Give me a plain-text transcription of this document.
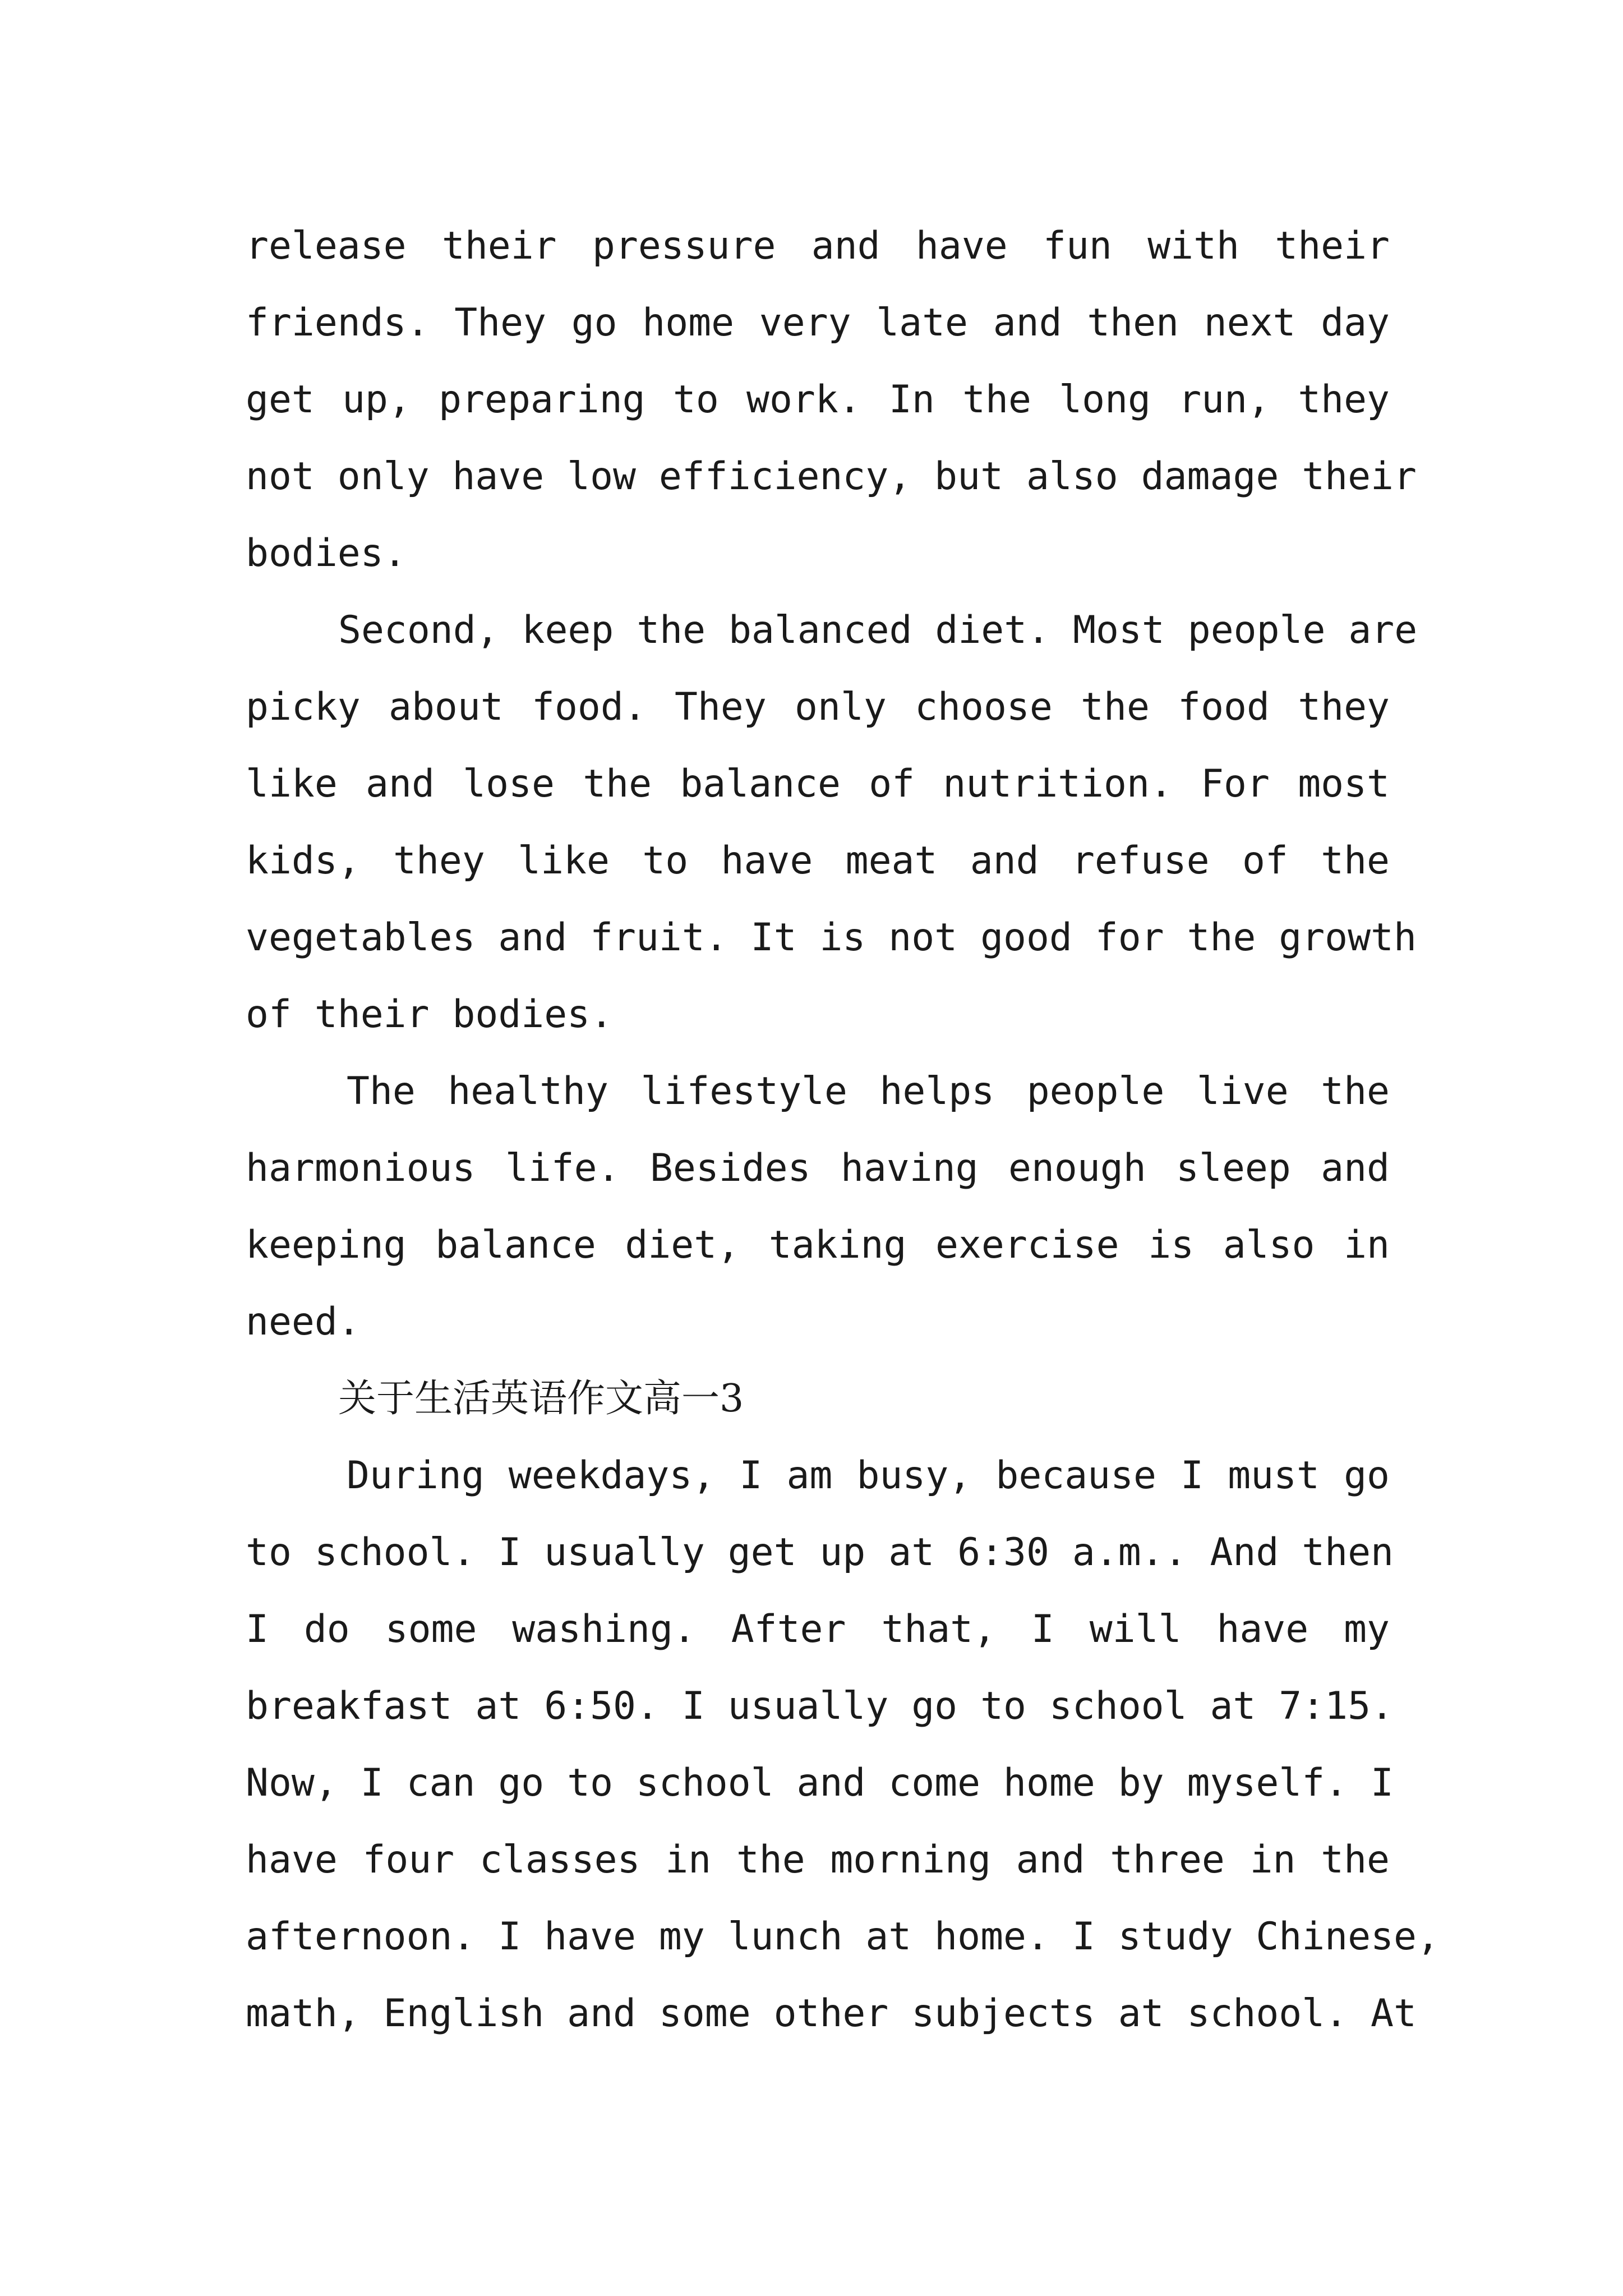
release their pressure and have fun with their
friends. They go home very late and then next day
get up, preparing to work. In the long run, they
not only have low efficiency, but also damage their
bodies.
Second, keep the balanced diet. Most people are
picky about food. They only choose the food they
like and lose the balance of nutrition. For most
kids, they like to have meat and refuse of the
vegetables and fruit. It is not good for the growth
of their bodies.
The healthy lifestyle helps people live the
harmonious life. Besides having enough sleep and
keeping balance diet, taking exercise is also in
need.
关于生活英语作文高一3
During weekdays, I am busy, because I must go
to school. I usually get up at 6:30 a.m.. And then
I do some washing. After that, I will have my
breakfast at 6:50. I usually go to school at 7:15.
Now, I can go to school and come home by myself. I
have four classes in the morning and three in the
afternoon. I have my lunch at home. I study Chinese,
math, English and some other subjects at school. At
